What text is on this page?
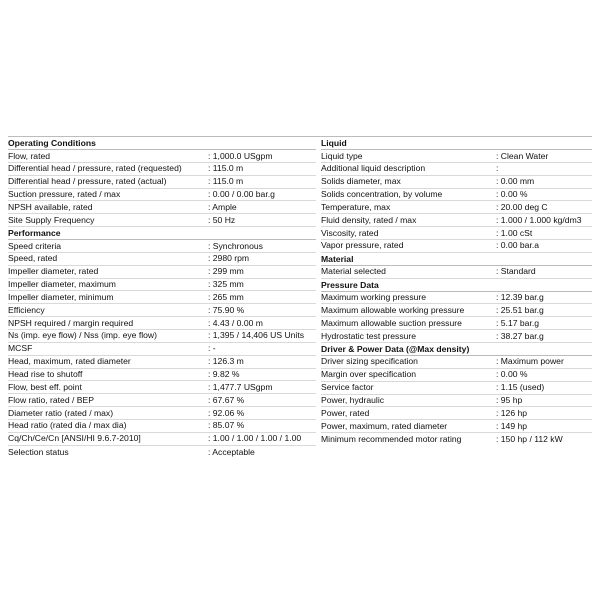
Operating Conditions
Flow, rated	: 1,000.0 USgpm
Differential head / pressure, rated (requested)	: 115.0 m
Differential head / pressure, rated (actual)	: 115.0 m
Suction pressure, rated / max	: 0.00 / 0.00 bar.g
NPSH available, rated	: Ample
Site Supply Frequency	: 50 Hz
Performance
Speed criteria	: Synchronous
Speed, rated	: 2980 rpm
Impeller diameter, rated	: 299 mm
Impeller diameter, maximum	: 325 mm
Impeller diameter, minimum	: 265 mm
Efficiency	: 75.90 %
NPSH required / margin required	: 4.43 / 0.00 m
Ns (imp. eye flow) / Nss (imp. eye flow)	: 1,395 / 14,406 US Units
MCSF	: -
Head, maximum, rated diameter	: 126.3 m
Head rise to shutoff	: 9.82 %
Flow, best eff. point	: 1,477.7 USgpm
Flow ratio, rated / BEP	: 67.67 %
Diameter ratio (rated / max)	: 92.06 %
Head ratio (rated dia / max dia)	: 85.07 %
Cq/Ch/Ce/Cn [ANSI/HI 9.6.7-2010]	: 1.00 / 1.00 / 1.00 / 1.00
Selection status	: Acceptable
Liquid
Liquid type	: Clean Water
Additional liquid description	:
Solids diameter, max	: 0.00 mm
Solids concentration, by volume	: 0.00 %
Temperature, max	: 20.00 deg C
Fluid density, rated / max	: 1.000 / 1.000 kg/dm3
Viscosity, rated	: 1.00 cSt
Vapor pressure, rated	: 0.00 bar.a
Material
Material selected	: Standard
Pressure Data
Maximum working pressure	: 12.39 bar.g
Maximum allowable working pressure	: 25.51 bar.g
Maximum allowable suction pressure	: 5.17 bar.g
Hydrostatic test pressure	: 38.27 bar.g
Driver & Power Data (@Max density)
Driver sizing specification	: Maximum power
Margin over specification	: 0.00 %
Service factor	: 1.15 (used)
Power, hydraulic	: 95 hp
Power, rated	: 126 hp
Power, maximum, rated diameter	: 149 hp
Minimum recommended motor rating	: 150 hp / 112 kW
